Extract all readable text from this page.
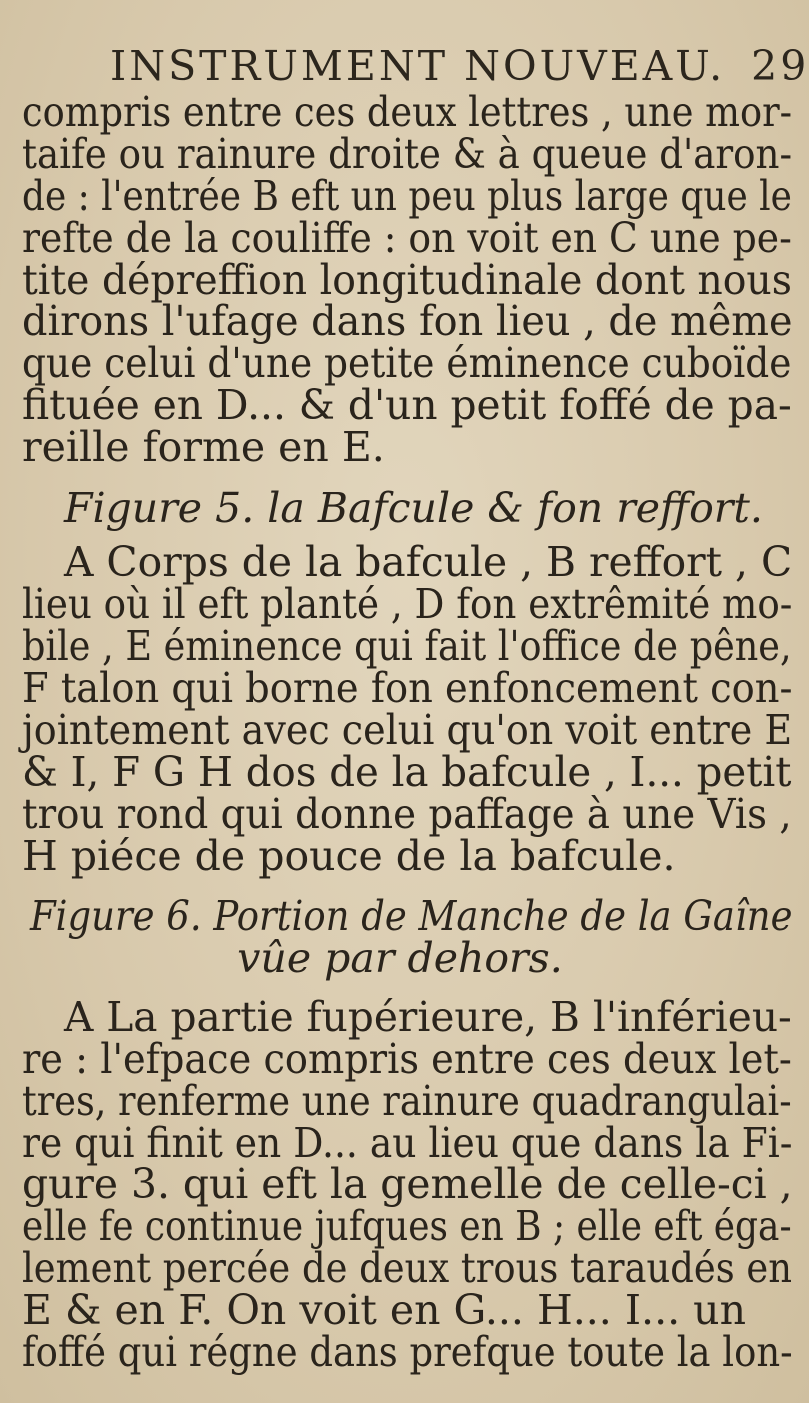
INSTRUMENT NOUVEAU. 29
compris entre ces deux lettres , une mor-
taife ou rainure droite & à queue d'aron-
de : l'entrée B eft un peu plus large que le
refte de la couliffe : on voit en C une pe-
tite dépreffion longitudinale dont nous
dirons l'ufage dans fon lieu , de même
que celui d'une petite éminence cuboïde
fituée en D... & d'un petit foffé de pa-
reille forme en E.
Figure 5. la Bafcule & fon reffort.
A Corps de la bafcule , B reffort , C
lieu où il eft planté , D fon extrêmité mo-
bile , E éminence qui fait l'office de pêne,
F talon qui borne fon enfoncement con-
jointement avec celui qu'on voit entre E
& I, F G H dos de la bafcule , I... petit
trou rond qui donne paffage à une Vis ,
H piéce de pouce de la bafcule.
Figure 6. Portion de Manche de la Gaîne
vûe par dehors.
A La partie fupérieure, B l'inférieu-
re : l'efpace compris entre ces deux let-
tres, renferme une rainure quadrangulai-
re qui finit en D... au lieu que dans la Fi-
gure 3. qui eft la gemelle de celle-ci ,
elle fe continue jufques en B ; elle eft éga-
lement percée de deux trous taraudés en
E & en F. On voit en G... H... I... un
foffé qui régne dans prefque toute la lon-
